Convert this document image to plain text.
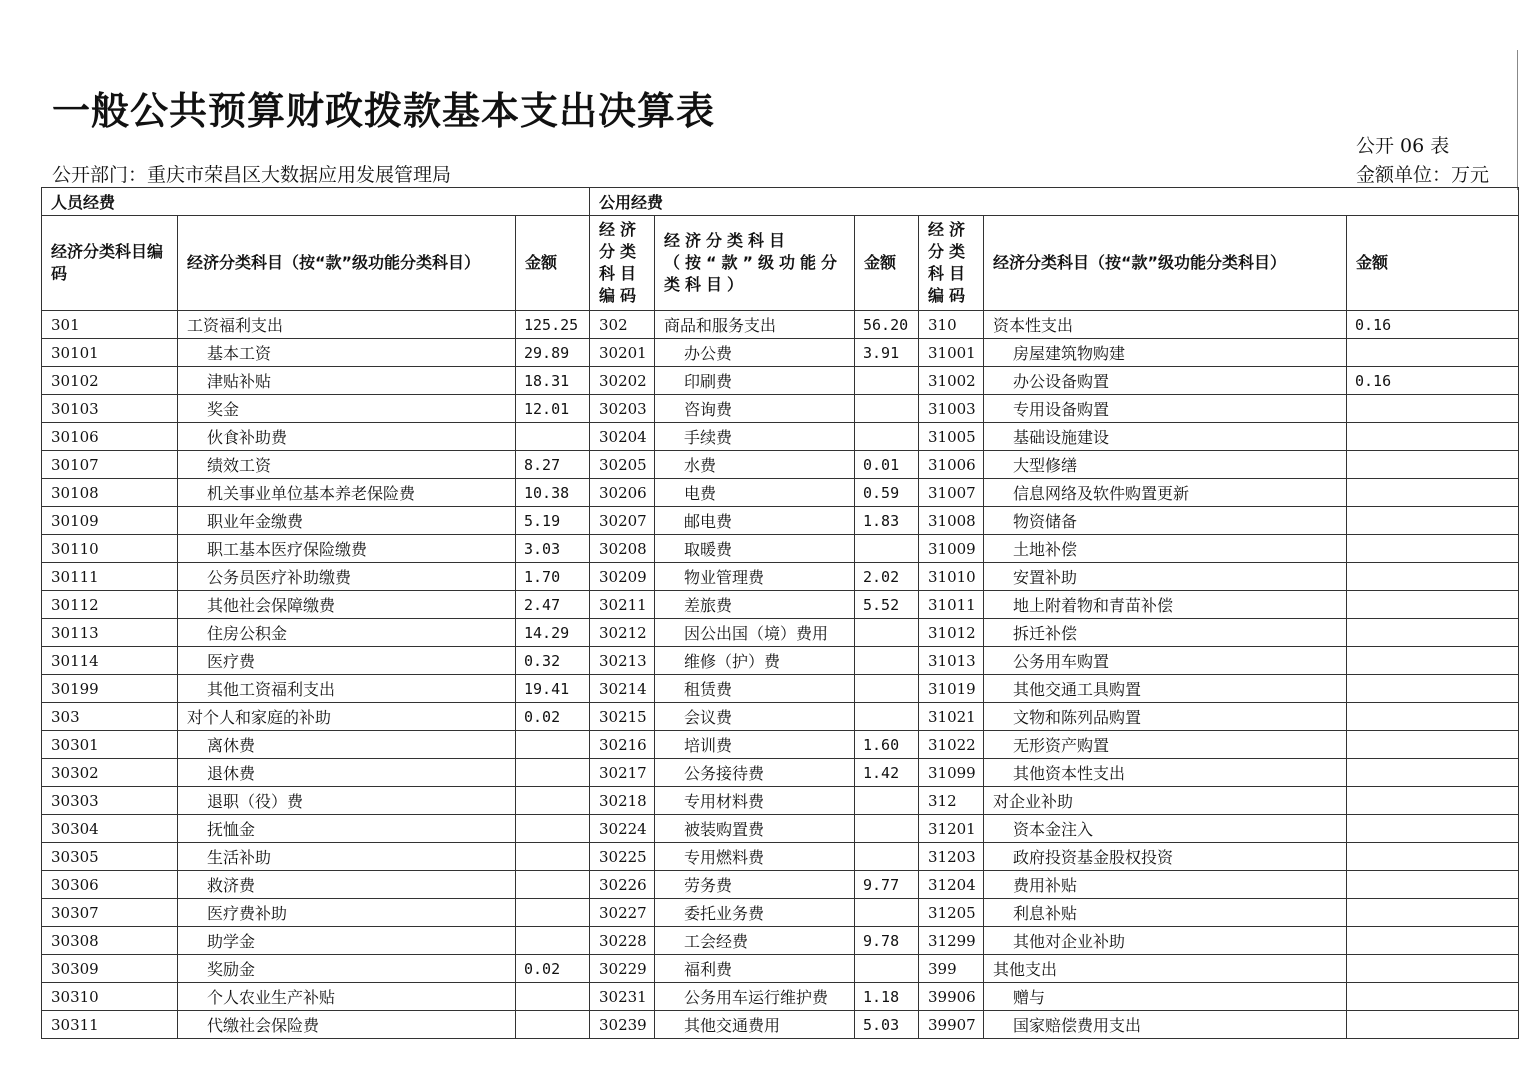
一般公共预算财政拨款基本支出决算表
公开 06 表
公开部门：重庆市荣昌区大数据应用发展管理局	金额单位：万元
人员经费			公用经费					
经济分类科目编码	经济分类科目（按“款”级功能分类科目）	金额	经济分类科目编码	经济分类科目（按“款”级功能分类科目）	金额	经济分类科目编码	经济分类科目（按“款”级功能分类科目）	金额
301	工资福利支出	125.25	302	商品和服务支出	56.20	310	资本性支出	0.16
30101	基本工资	29.89	30201	办公费	3.91	31001	房屋建筑物购建	
30102	津贴补贴	18.31	30202	印刷费		31002	办公设备购置	0.16
30103	奖金	12.01	30203	咨询费		31003	专用设备购置	
30106	伙食补助费		30204	手续费		31005	基础设施建设	
30107	绩效工资	8.27	30205	水费	0.01	31006	大型修缮	
30108	机关事业单位基本养老保险费	10.38	30206	电费	0.59	31007	信息网络及软件购置更新	
30109	职业年金缴费	5.19	30207	邮电费	1.83	31008	物资储备	
30110	职工基本医疗保险缴费	3.03	30208	取暖费		31009	土地补偿	
30111	公务员医疗补助缴费	1.70	30209	物业管理费	2.02	31010	安置补助	
30112	其他社会保障缴费	2.47	30211	差旅费	5.52	31011	地上附着物和青苗补偿	
30113	住房公积金	14.29	30212	因公出国（境）费用		31012	拆迁补偿	
30114	医疗费	0.32	30213	维修（护）费		31013	公务用车购置	
30199	其他工资福利支出	19.41	30214	租赁费		31019	其他交通工具购置	
303	对个人和家庭的补助	0.02	30215	会议费		31021	文物和陈列品购置	
30301	离休费		30216	培训费	1.60	31022	无形资产购置	
30302	退休费		30217	公务接待费	1.42	31099	其他资本性支出	
30303	退职（役）费		30218	专用材料费		312	对企业补助	
30304	抚恤金		30224	被装购置费		31201	资本金注入	
30305	生活补助		30225	专用燃料费		31203	政府投资基金股权投资	
30306	救济费		30226	劳务费	9.77	31204	费用补贴	
30307	医疗费补助		30227	委托业务费		31205	利息补贴	
30308	助学金		30228	工会经费	9.78	31299	其他对企业补助	
30309	奖励金	0.02	30229	福利费		399	其他支出	
30310	个人农业生产补贴		30231	公务用车运行维护费	1.18	39906	赠与	
30311	代缴社会保险费		30239	其他交通费用	5.03	39907	国家赔偿费用支出	
